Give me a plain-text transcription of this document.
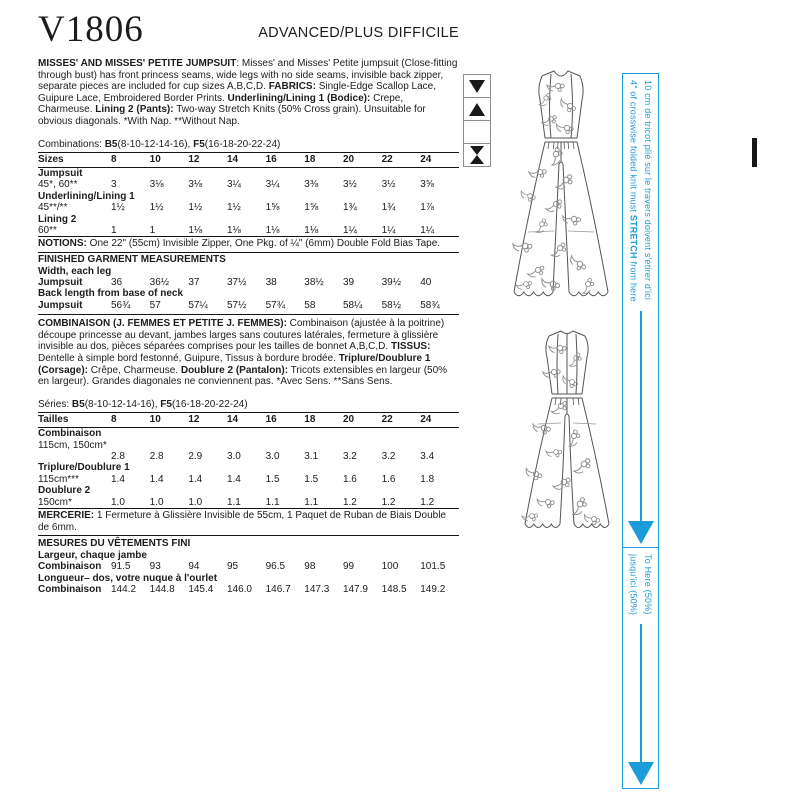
V1806	ADVANCED/PLUS DIFFICILE

MISSES' AND MISSES' PETITE JUMPSUIT: Misses' and Misses' Petite jumpsuit (Close-fitting through bust) has front princess seams, wide legs with no side seams, invisible back zipper, separate pieces are included for cup sizes A,B,C,D. FABRICS: Single-Edge Scallop Lace, Guipure Lace, Embroidered Border Prints. Underlining/Lining 1 (Bodice): Crepe, Charmeuse. Lining 2 (Pants): Two-way Stretch Knits (50% Cross grain). Unsuitable for obvious diagonals. *With Nap. **Without Nap.

Combinations: B5(8-10-12-14-16), F5(16-18-20-22-24)

Sizes	8	10	12	14	16	18	20	22	24
Jumpsuit									
45*, 60**	3	3⅛	3⅛	3¼	3¼	3⅜	3½	3½	3⅝
Underlining/Lining 1									
45**/**	1½	1½	1½	1½	1⅝	1⅝	1¾	1¾	1⅞
Lining 2									
60**	1	1	1⅛	1⅛	1⅛	1⅛	1¼	1¼	1¼
NOTIONS: One 22" (55cm) Invisible Zipper, One Pkg. of ¼" (6mm) Double Fold Bias Tape.
FINISHED GARMENT MEASUREMENTS
Width, each leg									
Jumpsuit	36	36½	37	37½	38	38½	39	39½	40
Back length from base of neck									
Jumpsuit	56¾	57	57¼	57½	57¾	58	58¼	58½	58¾

COMBINAISON (J. FEMMES ET PETITE J. FEMMES): Combinaison (ajustée à la poitrine) découpe princesse au devant, jambes larges sans coutures latérales, fermeture à glissière invisible au dos, pièces séparées comprises pour les tailles de bonnet A,B,C,D. TISSUS: Dentelle à simple bord festonné, Guipure, Tissus à bordure brodée. Triplure/Doublure 1 (Corsage): Crêpe, Charmeuse. Doublure 2 (Pantalon): Tricots extensibles en largeur (50% en largeur). Grandes diagonales ne conviennent pas. *Avec Sens. **Sans Sens.

Séries: B5(8-10-12-14-16), F5(16-18-20-22-24)

Tailles	8	10	12	14	16	18	20	22	24
Combinaison									
115cm, 150cm*									
	2.8	2.8	2.9	3.0	3.0	3.1	3.2	3.2	3.4
Triplure/Doublure 1									
115cm***	1.4	1.4	1.4	1.4	1.5	1.5	1.6	1.6	1.8
Doublure 2									
150cm*	1.0	1.0	1.0	1.1	1.1	1.1	1.2	1.2	1.2
MERCERIE: 1 Fermeture à Glissière Invisible de 55cm, 1 Paquet de Ruban de Biais Double de 6mm.
MESURES DU VÊTEMENTS FINI
Largeur, chaque jambe									
Combinaison	91.5	93	94	95	96.5	98	99	100	101.5
Longueur– dos, votre nuque à l'ourlet									
Combinaison	144.2	144.8	145.4	146.0	146.7	147.3	147.9	148.5	149.2
10 cm de tricot plié sur le travers doivent s'étirer d'ici
4" of crosswise folded knit must STRETCH from here
To Here (50%)
jusqu'ici (50%)
